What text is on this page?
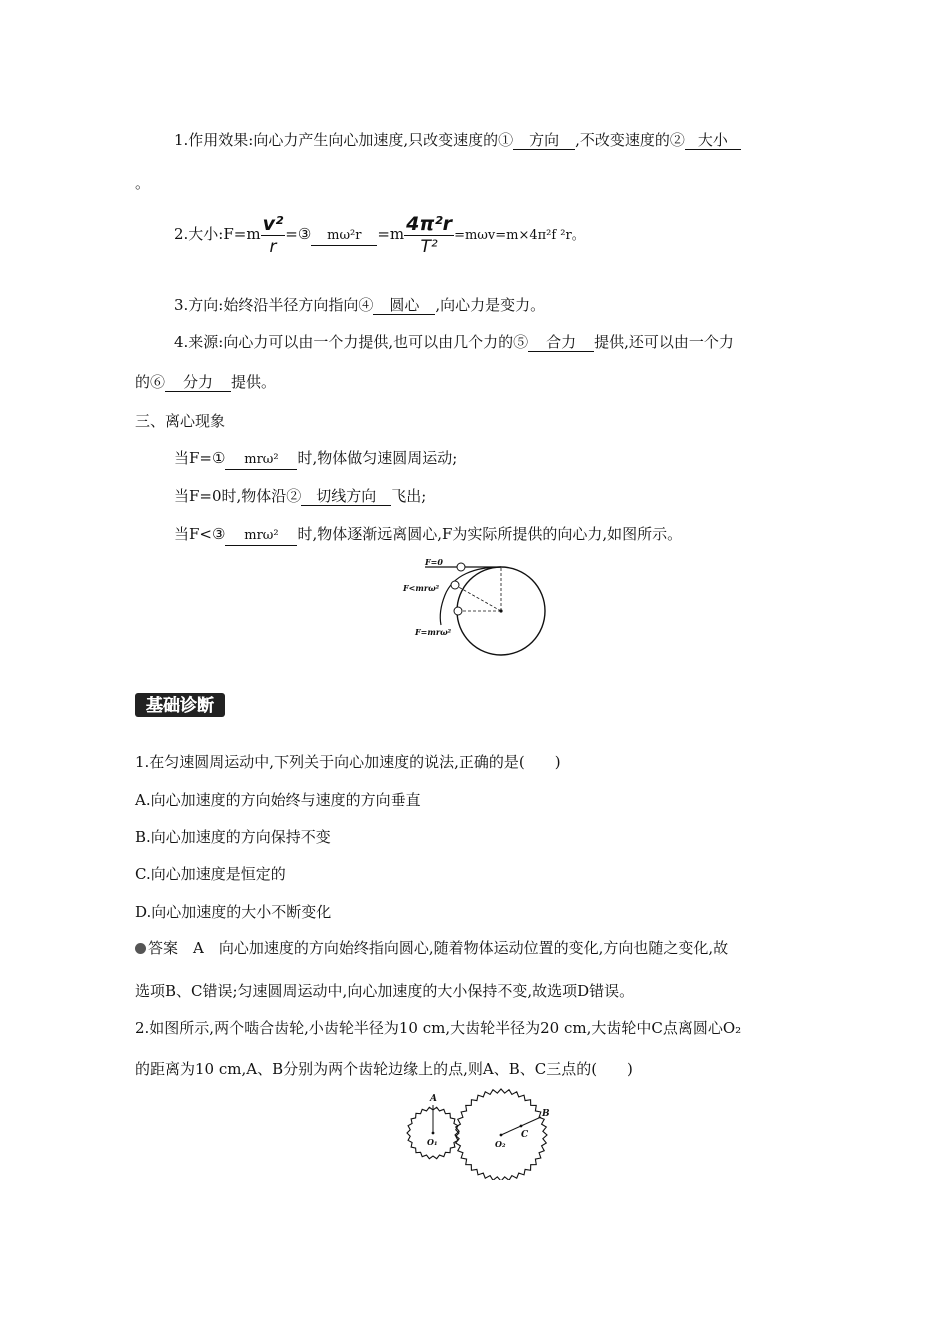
1.作用效果:向心力产生向心加速度,只改变速度的① 方向 ,不改变速度的② 大小
。
2.大小:F=m $\frac{\text{v²}}{r}$ =③ $m\omega^2r =m \frac{\text{4π²r}}{\text{T²}} =m\omega v=m\times 4\pi^2f$ ²r。
3.方向:始终沿半径方向指向④ 圆心 ,向心力是变力。
4.来源:向心力可以由一个力提供,也可以由几个力的⑤ 合力 提供,还可以由一个力
的⑥ 分力 提供。
三、离心现象
当F=① mrω² 时,物体做匀速圆周运动;
当F=0时,物体沿② 切线方向 飞出;
当F<③ mrω² 时,物体逐渐远离圆心,F为实际所提供的向心力,如图所示。
F=0
F<mrω²
F=mrω²
基础诊断
1.在匀速圆周运动中,下列关于向心加速度的说法,正确的是(　　)
A.向心加速度的方向始终与速度的方向垂直
B.向心加速度的方向保持不变
C.向心加速度是恒定的
D.向心加速度的大小不断变化
答案　A　向心加速度的方向始终指向圆心,随着物体运动位置的变化,方向也随之变化,故
选项B、C错误;匀速圆周运动中,向心加速度的大小保持不变,故选项D错误。
2.如图所示,两个啮合齿轮,小齿轮半径为10 cm,大齿轮半径为20 cm,大齿轮中C点离圆心O₂
的距离为10 cm,A、B分别为两个齿轮边缘上的点,则A、B、C三点的(　　)
A
B
C
O₁	O₂
